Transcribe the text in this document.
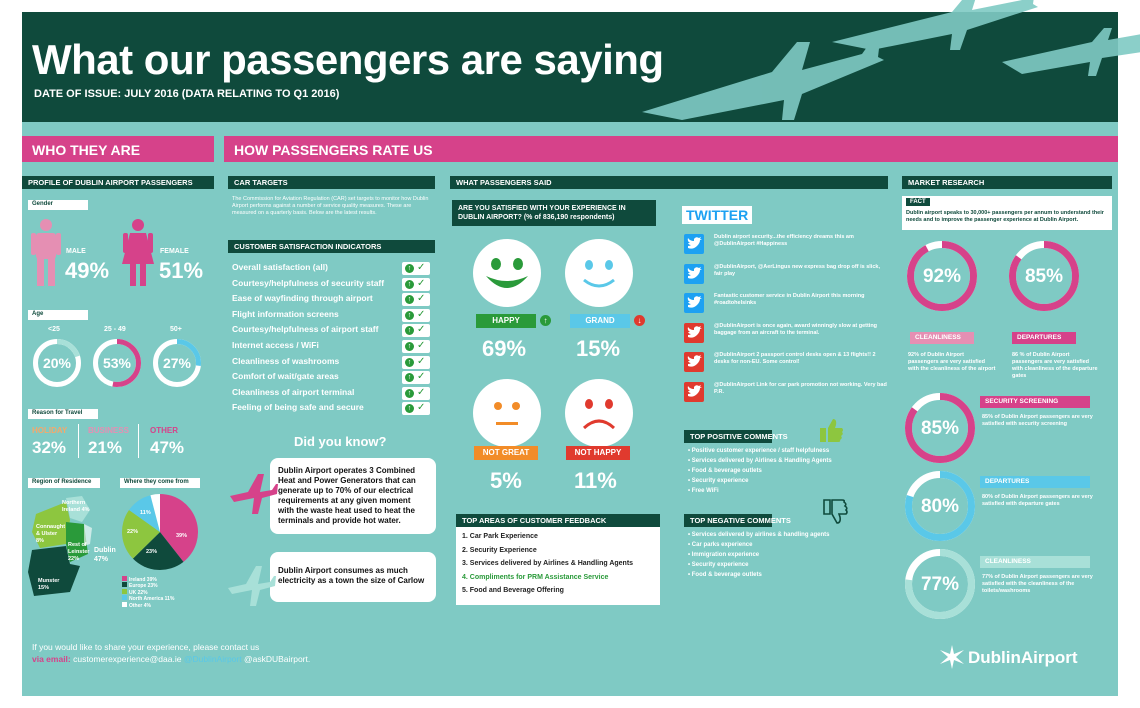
What our passengers are saying
DATE OF ISSUE: JULY 2016 (DATA RELATING TO Q1 2016)
WHO THEY ARE	HOW PASSENGERS RATE US
PROFILE OF DUBLIN AIRPORT PASSENGERS
Gender
MALE
49%
FEMALE
51%
Age
<25	25 - 49	50+
20%	53%	27%
Reason for Travel
HOLIDAY
32%
BUSINESS
21%
OTHER
47%
Region of Residence	Where they come from
Northern Ireland 4%
Connaught & Ulster 8%
Rest of Leinster 22%
Dublin
47%
Munster 15%
39%
23%
22%
11%
Ireland 39%
Europe 23%
UK 22%
North America 11%
Other 4%
CAR TARGETS
The Commission for Aviation Regulation (CAR) set targets to monitor how Dublin Airport performs against a number of service quality measures. These are measured on a quarterly basis. Below are the latest results.
CUSTOMER SATISFACTION INDICATORS
Overall satisfaction (all)	↑ ✓
Courtesy/helpfulness of security staff	↑ ✓
Ease of wayfinding through airport	↑ ✓
Flight information screens	↑ ✓
Courtesy/helpfulness of airport staff	↑ ✓
Internet access / WiFi	↑ ✓
Cleanliness of washrooms	↑ ✓
Comfort of wait/gate areas	↑ ✓
Cleanliness of airport terminal	↑ ✓
Feeling of being safe and secure	↑ ✓
Did you know?
Dublin Airport operates 3 Combined Heat and Power Generators that can generate up to 70% of our electrical requirements at any given moment with the waste heat used to heat the terminals and provide hot water.
Dublin Airport consumes as much electricity as a town the size of Carlow
WHAT PASSENGERS SAID
ARE YOU SATISFIED WITH YOUR EXPERIENCE IN DUBLIN AIRPORT? (% of 836,190 respondents)
HAPPY	↑	GRAND	↓
69% 15%
NOT GREAT	NOT HAPPY
5% 11%
TOP AREAS OF CUSTOMER FEEDBACK
1. Car Park Experience
2. Security Experience
3. Services delivered by Airlines & Handling Agents
4. Compliments for PRM Assistance Service
5. Food and Beverage Offering
TWITTER
Dublin airport security...the efficiency dreams this am @DublinAirport #Happiness
@DublinAirport, @AerLingus new express bag drop off is slick, fair play
Fantastic customer service in Dublin Airport this morning #roadtohelsinks
@DublinAirport is once again, award winningly slow at getting baggage from an aircraft to the terminal.
@DublinAirport 2 passport control desks open & 13 flights!! 2 desks for non-EU. Some control!
@DublinAirport Link for car park promotion not working. Very bad P.R.
TOP POSITIVE COMMENTS
• Positive customer experience / staff helpfulness
• Services delivered by Airlines & Handling Agents
• Food & beverage outlets
• Security experience
• Free WiFi
TOP NEGATIVE COMMENTS
• Services delivered by airlines & handling agents
• Car parks experience
• Immigration experience
• Security experience
• Food & beverage outlets
MARKET RESEARCH
FACT
Dublin airport speaks to 30,000+ passengers per annum to understand their needs and to improve the passenger experience at Dublin Airport.
92%	85%
CLEANLINESS	DEPARTURES
92% of Dublin Airport passengers are very satisfied with the cleanliness of the airport
86 % of Dublin Airport passengers are very satisfied with cleanliness of the departure gates
85%
SECURITY SCREENING
85% of Dublin Airport passengers are very satisfied with security screening
80%
DEPARTURES
80% of Dublin Airport passengers are very satisfied with departure gates
77%
CLEANLINESS
77% of Dublin Airport passengers are very satisfied with the cleanliness of the toilets/washrooms
If you would like to share your experience, please contact us
via email: customerexperience@daa.ie @DublinAirport @askDUBairport.	DublinAirport
